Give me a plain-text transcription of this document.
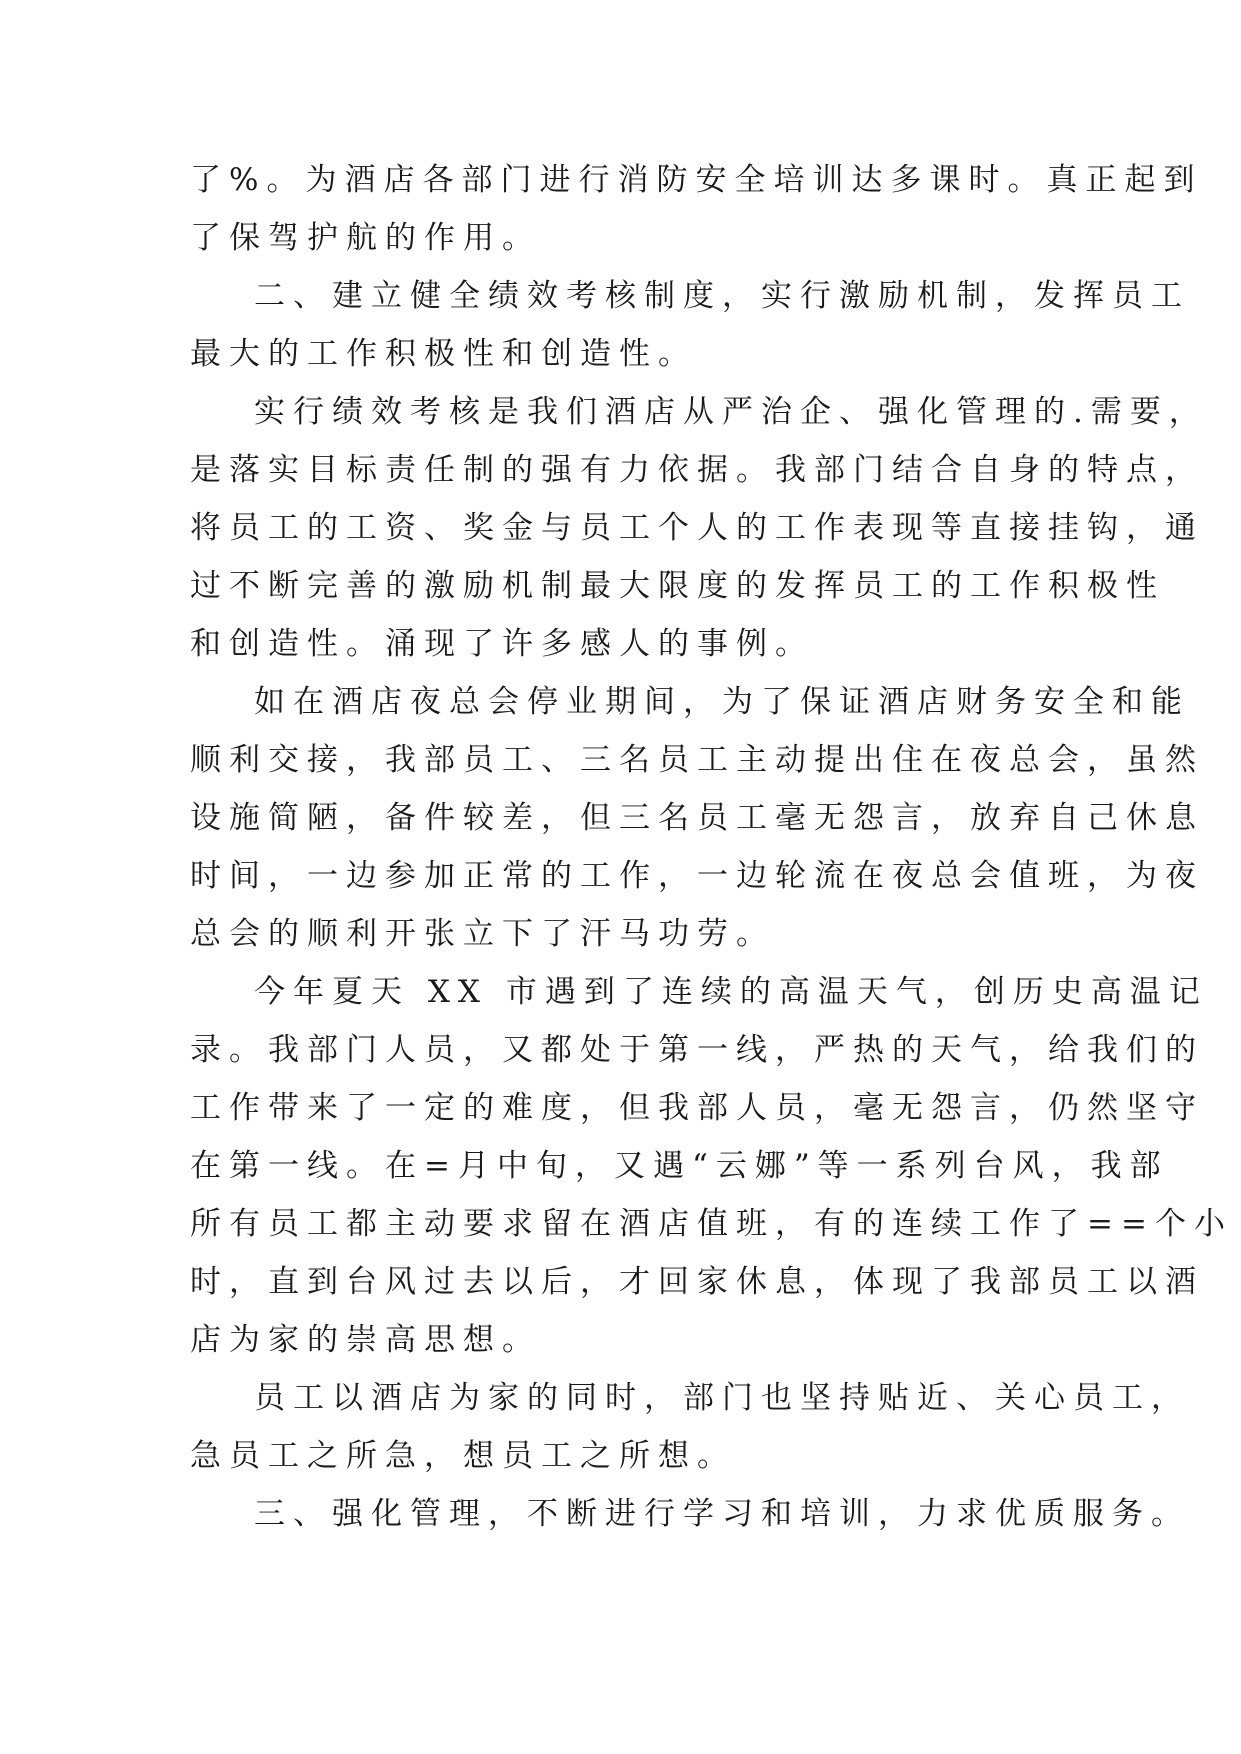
了%。为酒店各部门进行消防安全培训达多课时。真正起到
了保驾护航的作用。
二、建立健全绩效考核制度，实行激励机制，发挥员工
最大的工作积极性和创造性。
实行绩效考核是我们酒店从严治企、强化管理的.需要，
是落实目标责任制的强有力依据。我部门结合自身的特点，
将员工的工资、奖金与员工个人的工作表现等直接挂钩，通
过不断完善的激励机制最大限度的发挥员工的工作积极性
和创造性。涌现了许多感人的事例。
如在酒店夜总会停业期间，为了保证酒店财务安全和能
顺利交接，我部员工、三名员工主动提出住在夜总会，虽然
设施简陋，备件较差，但三名员工毫无怨言，放弃自己休息
时间，一边参加正常的工作，一边轮流在夜总会值班，为夜
总会的顺利开张立下了汗马功劳。
今年夏天 XX 市遇到了连续的高温天气，创历史高温记
录。我部门人员，又都处于第一线，严热的天气，给我们的
工作带来了一定的难度，但我部人员，毫无怨言，仍然坚守
在第一线。在=月中旬，又遇“云娜”等一系列台风，我部
所有员工都主动要求留在酒店值班，有的连续工作了==个小
时，直到台风过去以后，才回家休息，体现了我部员工以酒
店为家的崇高思想。
员工以酒店为家的同时，部门也坚持贴近、关心员工，
急员工之所急，想员工之所想。
三、强化管理，不断进行学习和培训，力求优质服务。
